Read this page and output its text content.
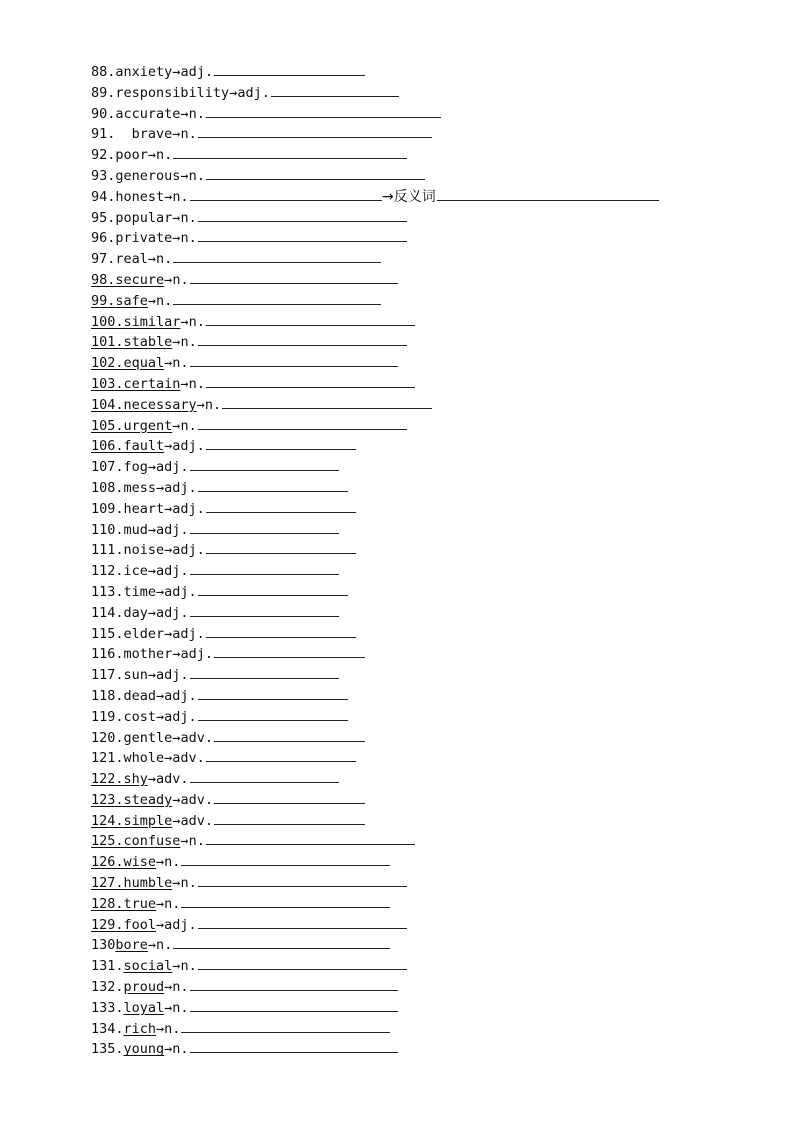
88.anxiety→adj.
89.responsibility→adj.
90.accurate→n.
91.  brave→n.
92.poor→n.
93.generous→n.
94.honest→n.	→反义词
95.popular→n.
96.private→n.
97.real→n.
98.secure→n.
99.safe→n.
100.similar→n.
101.stable→n.
102.equal→n.
103.certain→n.
104.necessary→n.
105.urgent→n.
106.fault→adj.
107.fog→adj.
108.mess→adj.
109.heart→adj.
110.mud→adj.
111.noise→adj.
112.ice→adj.
113.time→adj.
114.day→adj.
115.elder→adj.
116.mother→adj.
117.sun→adj.
118.dead→adj.
119.cost→adj.
120.gentle→adv.
121.whole→adv.
122.shy→adv.
123.steady→adv.
124.simple→adv.
125.confuse→n.
126.wise→n.
127.humble→n.
128.true→n.
129.fool→adj.
130bore→n.
131.social→n.
132.proud→n.
133.loyal→n.
134.rich→n.
135.young→n.
